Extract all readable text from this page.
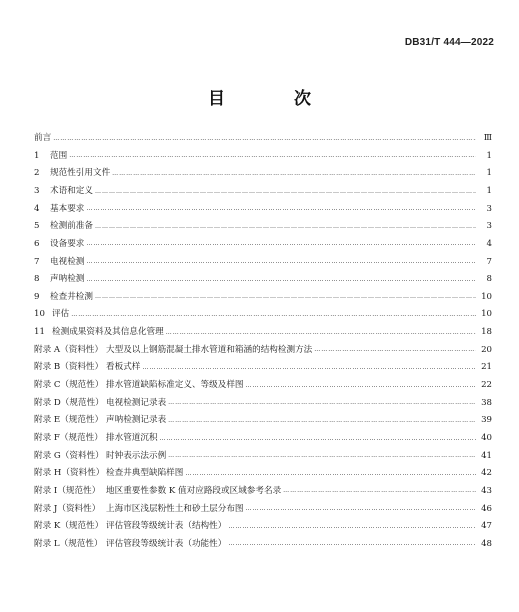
DB31/T 444—2022
目　次
前言 ……………………………………………………………………………………………………………………………………………………………………………………………………………………………………………………	Ⅲ
1	范围 ……………………………………………………………………………………………………………………………………………………………………………………………………………………………………………………	1
2	规范性引用文件 ……………………………………………………………………………………………………………………………………………………………………………………………………………………………………………………	1
3	术语和定义 ……………………………………………………………………………………………………………………………………………………………………………………………………………………………………………………	1
4	基本要求 ……………………………………………………………………………………………………………………………………………………………………………………………………………………………………………………	3
5	检测前准备 ……………………………………………………………………………………………………………………………………………………………………………………………………………………………………………………	3
6	设备要求 ……………………………………………………………………………………………………………………………………………………………………………………………………………………………………………………	4
7	电视检测 ……………………………………………………………………………………………………………………………………………………………………………………………………………………………………………………	7
8	声呐检测 ……………………………………………………………………………………………………………………………………………………………………………………………………………………………………………………	8
9	检查井检测 ……………………………………………………………………………………………………………………………………………………………………………………………………………………………………………………	10
10 评估 ……………………………………………………………………………………………………………………………………………………………………………………………………………………………………………………	10
11 检测成果资料及其信息化管理 ……………………………………………………………………………………………………………………………………………………………………………………………………………………………………………………	18
附录 A（资料性） 大型及以上钢筋混凝土排水管道和箱涵的结构检测方法 ……………………………………………………………………………………………………………………………………………………………………………………………………………………………………………………	20
附录 B（资料性） 看板式样 ……………………………………………………………………………………………………………………………………………………………………………………………………………………………………………………	21
附录 C（规范性） 排水管道缺陷标准定义、等级及样图 ……………………………………………………………………………………………………………………………………………………………………………………………………………………………………………………	22
附录 D（规范性） 电视检测记录表 ……………………………………………………………………………………………………………………………………………………………………………………………………………………………………………………	38
附录 E（规范性） 声呐检测记录表 ……………………………………………………………………………………………………………………………………………………………………………………………………………………………………………………	39
附录 F（规范性） 排水管道沉积 ……………………………………………………………………………………………………………………………………………………………………………………………………………………………………………………	40
附录 G（资料性） 时钟表示法示例 ……………………………………………………………………………………………………………………………………………………………………………………………………………………………………………………	41
附录 H（资料性） 检查井典型缺陷样图 ……………………………………………………………………………………………………………………………………………………………………………………………………………………………………………………	42
附录 I（规范性） 地区重要性参数 K 值对应路段或区域参考名录 ……………………………………………………………………………………………………………………………………………………………………………………………………………………………………………………	43
附录 J（资料性） 上海市区浅层粉性土和砂土层分布图 ……………………………………………………………………………………………………………………………………………………………………………………………………………………………………………………	46
附录 K（规范性） 评估管段等级统计表（结构性） ……………………………………………………………………………………………………………………………………………………………………………………………………………………………………………………	47
附录 L（规范性） 评估管段等级统计表（功能性） ……………………………………………………………………………………………………………………………………………………………………………………………………………………………………………………	48
